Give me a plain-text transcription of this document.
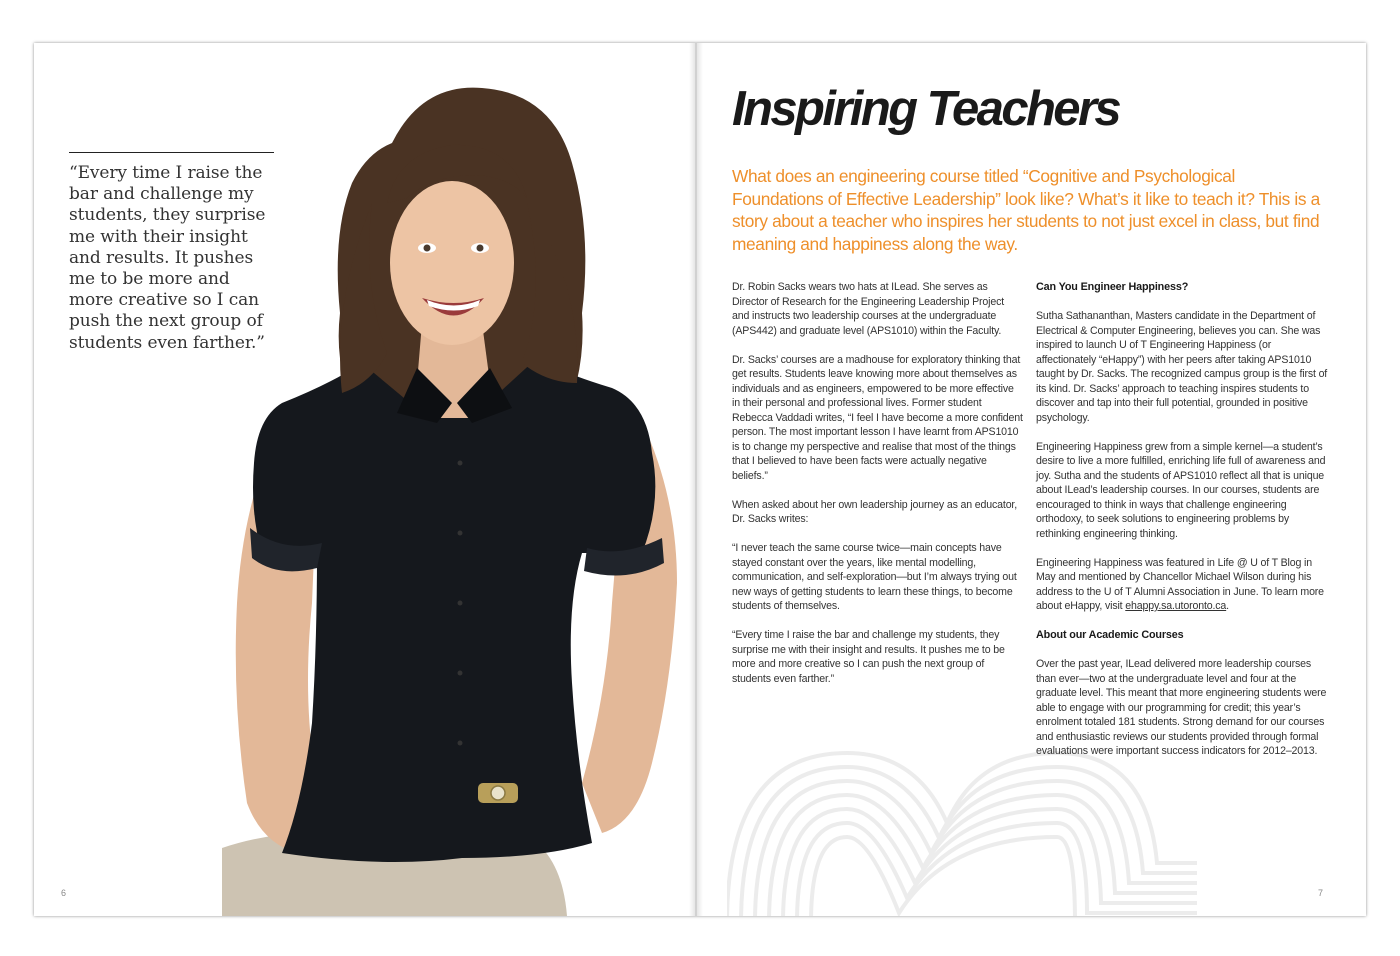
“Every time I raise the bar and challenge my students, they surprise me with their insight and results. It pushes me to be more and more creative so I can push the next group of students even farther.”

6
Inspiring Teachers

What does an engineering course titled “Cognitive and Psychological Foundations of Effective Leadership” look like? What’s it like to teach it? This is a story about a teacher who inspires her students to not just excel in class, but find meaning and happiness along the way.

Dr. Robin Sacks wears two hats at ILead. She serves as Director of Research for the Engineering Leadership Project and instructs two leadership courses at the undergraduate (APS442) and graduate level (APS1010) within the Faculty.

Dr. Sacks’ courses are a madhouse for exploratory thinking that get results. Students leave knowing more about themselves as individuals and as engineers, empowered to be more effective in their personal and professional lives. Former student Rebecca Vaddadi writes, “I feel I have become a more confident person. The most important lesson I have learnt from APS1010 is to change my perspective and realise that most of the things that I believed to have been facts were actually negative beliefs.”

When asked about her own leadership journey as an educator, Dr. Sacks writes:

“I never teach the same course twice—main concepts have stayed constant over the years, like mental modelling, communication, and self-exploration—but I’m always trying out new ways of getting students to learn these things, to become students of themselves.

“Every time I raise the bar and challenge my students, they surprise me with their insight and results. It pushes me to be more and more creative so I can push the next group of students even farther.”

Can You Engineer Happiness?

Sutha Sathananthan, Masters candidate in the Department of Electrical & Computer Engineering, believes you can. She was inspired to launch U of T Engineering Happiness (or affectionately “eHappy”) with her peers after taking APS1010 taught by Dr. Sacks. The recognized campus group is the first of its kind. Dr. Sacks’ approach to teaching inspires students to discover and tap into their full potential, grounded in positive psychology.

Engineering Happiness grew from a simple kernel—a student’s desire to live a more fulfilled, enriching life full of awareness and joy. Sutha and the students of APS1010 reflect all that is unique about ILead’s leadership courses. In our courses, students are encouraged to think in ways that challenge engineering orthodoxy, to seek solutions to engineering problems by rethinking engineering thinking.

Engineering Happiness was featured in Life @ U of T Blog in May and mentioned by Chancellor Michael Wilson during his address to the U of T Alumni Association in June. To learn more about eHappy, visit ehappy.sa.utoronto.ca.

About our Academic Courses

Over the past year, ILead delivered more leadership courses than ever—two at the undergraduate level and four at the graduate level. This meant that more engineering students were able to engage with our programming for credit; this year’s enrolment totaled 181 students. Strong demand for our courses and enthusiastic reviews our students provided through formal evaluations were important success indicators for 2012–2013.

7
